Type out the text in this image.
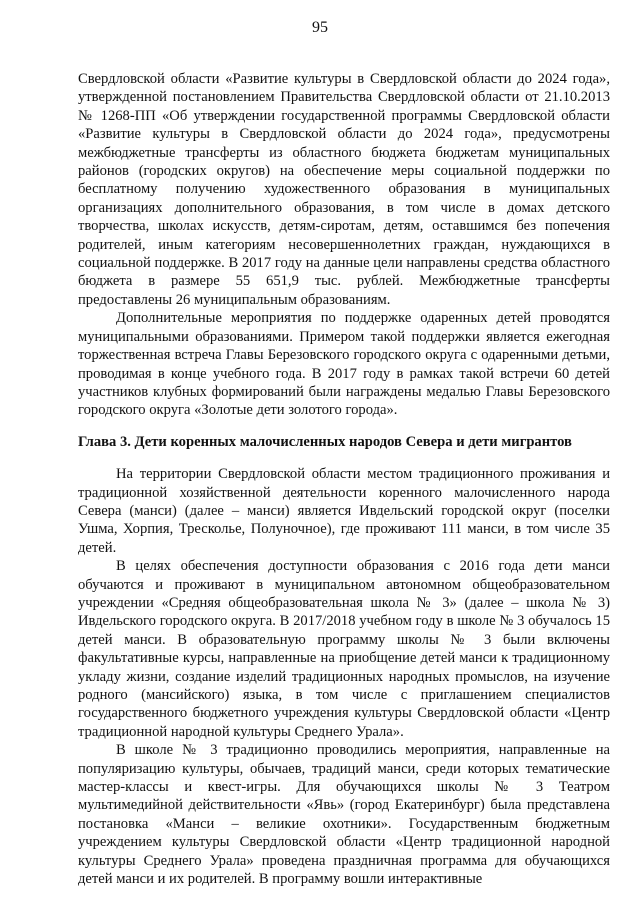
95

Свердловской области «Развитие культуры в Свердловской области до 2024 года», утвержденной постановлением Правительства Свердловской области от 21.10.2013 № 1268-ПП «Об утверждении государственной программы Свердловской области «Развитие культуры в Свердловской области до 2024 года», предусмотрены межбюджетные трансферты из областного бюджета бюджетам муниципальных районов (городских округов) на обеспечение меры социальной поддержки по бесплатному получению художественного образования в муниципальных организациях дополнительного образования, в том числе в домах детского творчества, школах искусств, детям-сиротам, детям, оставшимся без попечения родителей, иным категориям несовершеннолетних граждан, нуждающихся в социальной поддержке. В 2017 году на данные цели направлены средства областного бюджета в размере 55 651,9 тыс. рублей. Межбюджетные трансферты предоставлены 26 муниципальным образованиям.

Дополнительные мероприятия по поддержке одаренных детей проводятся муниципальными образованиями. Примером такой поддержки является ежегодная торжественная встреча Главы Березовского городского округа с одаренными детьми, проводимая в конце учебного года. В 2017 году в рамках такой встречи 60 детей участников клубных формирований были награждены медалью Главы Березовского городского округа «Золотые дети золотого города».

Глава 3. Дети коренных малочисленных народов Севера и дети мигрантов

На территории Свердловской области местом традиционного проживания и традиционной хозяйственной деятельности коренного малочисленного народа Севера (манси) (далее – манси) является Ивдельский городской округ (поселки Ушма, Хорпия, Трескольe, Полуночное), где проживают 111 манси, в том числе 35 детей.

В целях обеспечения доступности образования с 2016 года дети манси обучаются и проживают в муниципальном автономном общеобразовательном учреждении «Средняя общеобразовательная школа № 3» (далее – школа № 3) Ивдельского городского округа. В 2017/2018 учебном году в школе № 3 обучалось 15 детей манси. В образовательную программу школы № 3 были включены факультативные курсы, направленные на приобщение детей манси к традиционному укладу жизни, создание изделий традиционных народных промыслов, на изучение родного (мансийского) языка, в том числе с приглашением специалистов государственного бюджетного учреждения культуры Свердловской области «Центр традиционной народной культуры Среднего Урала».

В школе № 3 традиционно проводились мероприятия, направленные на популяризацию культуры, обычаев, традиций манси, среди которых тематические мастер-классы и квест-игры. Для обучающихся школы № 3 Театром мультимедийной действительности «Явь» (город Екатеринбург) была представлена постановка «Манси – великие охотники». Государственным бюджетным учреждением культуры Свердловской области «Центр традиционной народной культуры Среднего Урала» проведена праздничная программа для обучающихся детей манси и их родителей. В программу вошли интерактивные
